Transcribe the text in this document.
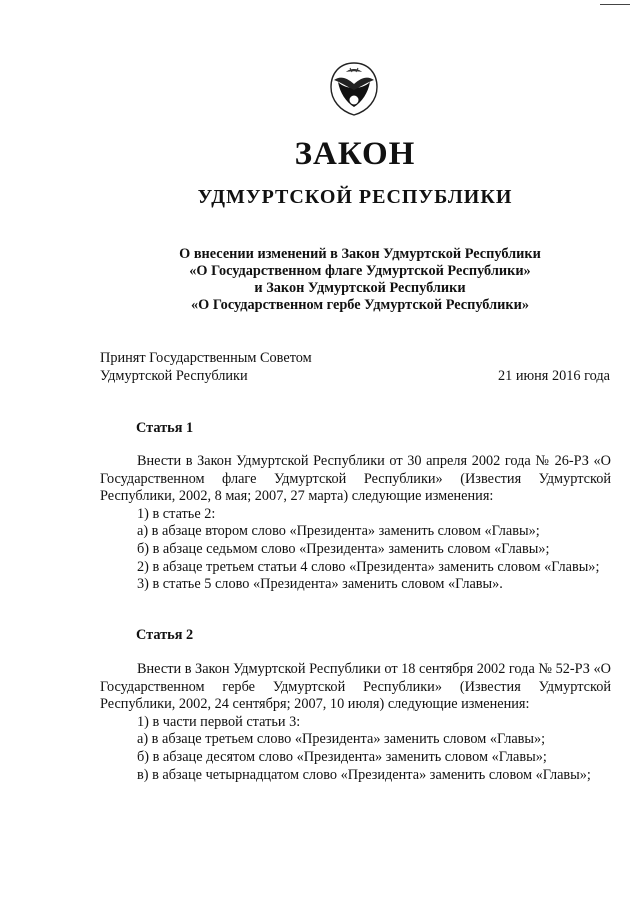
ЗАКОН
УДМУРТСКОЙ РЕСПУБЛИКИ
О внесении изменений в Закон Удмуртской Республики
«О Государственном флаге Удмуртской Республики»
и Закон Удмуртской Республики
«О Государственном гербе Удмуртской Республики»
Принят Государственным Советом
Удмуртской Республики	21 июня 2016 года
Статья 1

Внести в Закон Удмуртской Республики от 30 апреля 2002 года № 26-РЗ «О Государственном флаге Удмуртской Республики» (Известия Удмуртской Республики, 2002, 8 мая; 2007, 27 марта) следующие изменения:

1) в статье 2:

а) в абзаце втором слово «Президента» заменить словом «Главы»;

б) в абзаце седьмом слово «Президента» заменить словом «Главы»;

2) в абзаце третьем статьи 4 слово «Президента» заменить словом «Главы»;

3) в статье 5 слово «Президента» заменить словом «Главы».

Статья 2

Внести в Закон Удмуртской Республики от 18 сентября 2002 года № 52-РЗ «О Государственном гербе Удмуртской Республики» (Известия Удмуртской Республики, 2002, 24 сентября; 2007, 10 июля) следующие изменения:

1) в части первой статьи 3:

а) в абзаце третьем слово «Президента» заменить словом «Главы»;

б) в абзаце десятом слово «Президента» заменить словом «Главы»;

в) в абзаце четырнадцатом слово «Президента» заменить словом «Главы»;
